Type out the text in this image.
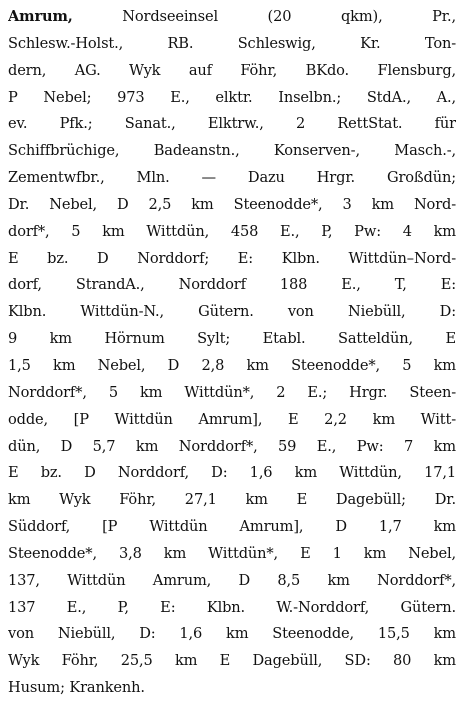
Amrum,	Nordseeinsel (20 qkm), Pr.,
Schlesw.-Holst., RB. Schleswig, Kr. Ton-
dern, AG. Wyk auf Föhr, BKdo. Flensburg,
P Nebel; 973 E., elktr. Inselbn.; StdA., A.,
ev. Pfk.; Sanat., Elktrw., 2 RettStat. für
Schiffbrüchige, Badeanstn., Konserven-, Masch.-,
Zementwfbr., Mln. — Dazu Hrgr. Großdün;
Dr. Nebel, D 2,5 km Steenodde*, 3 km Nord-
dorf*, 5 km Wittdün, 458 E., P, Pw: 4 km
E bz. D Norddorf; E: Klbn. Wittdün–Nord-
dorf, StrandA., Norddorf 188 E., T, E:
Klbn. Wittdün-N., Gütern. von Niebüll, D:
9 km Hörnum Sylt; Etabl. Satteldün, E
1,5 km Nebel, D 2,8 km Steenodde*, 5 km
Norddorf*, 5 km Wittdün*, 2 E.; Hrgr. Steen-
odde, [P Wittdün Amrum], E 2,2 km Witt-
dün, D 5,7 km Norddorf*, 59 E., Pw: 7 km
E bz. D Norddorf, D: 1,6 km Wittdün, 17,1
km Wyk Föhr, 27,1 km E Dagebüll; Dr.
Süddorf, [P Wittdün Amrum], D 1,7 km
Steenodde*, 3,8 km Wittdün*, E 1 km Nebel,
137, Wittdün Amrum, D 8,5 km Norddorf*,
137 E., P, E: Klbn. W.-Norddorf, Gütern.
von Niebüll, D: 1,6 km Steenodde, 15,5 km
Wyk Föhr, 25,5 km E Dagebüll, SD: 80 km
Husum; Krankenh.
